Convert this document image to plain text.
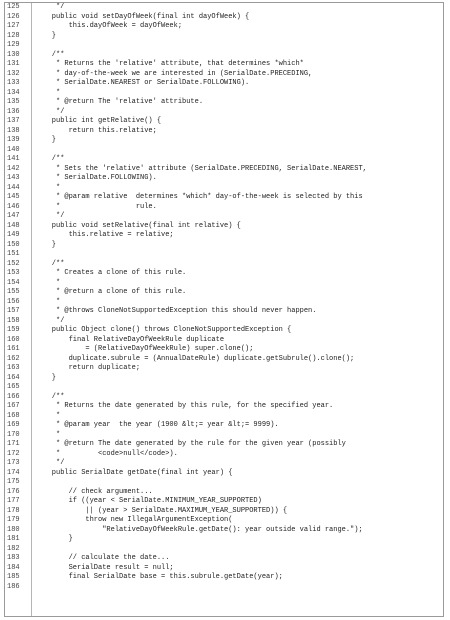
125 */
126 public void setDayOfWeek(final int dayOfWeek) {
127 this.dayOfWeek = dayOfWeek;
128 }
129
130 /**
131 * Returns the 'relative' attribute, that determines *which*
132 * day-of-the-week we are interested in (SerialDate.PRECEDING,
133 * SerialDate.NEAREST or SerialDate.FOLLOWING).
134 *
135 * @return The 'relative' attribute.
136 */
137 public int getRelative() {
138 return this.relative;
139 }
140
141 /**
142 * Sets the 'relative' attribute (SerialDate.PRECEDING, SerialDate.NEAREST,
143 * SerialDate.FOLLOWING).
144 *
145 * @param relative  determines *which* day-of-the-week is selected by this
146 *                  rule.
147 */
148 public void setRelative(final int relative) {
149 this.relative = relative;
150 }
151
152 /**
153 * Creates a clone of this rule.
154 *
155 * @return a clone of this rule.
156 *
157 * @throws CloneNotSupportedException this should never happen.
158 */
159 public Object clone() throws CloneNotSupportedException {
160 final RelativeDayOfWeekRule duplicate
161 = (RelativeDayOfWeekRule) super.clone();
162 duplicate.subrule = (AnnualDateRule) duplicate.getSubrule().clone();
163 return duplicate;
164 }
165
166 /**
167 * Returns the date generated by this rule, for the specified year.
168 *
169 * @param year  the year (1900 &lt;= year &lt;= 9999).
170 *
171 * @return The date generated by the rule for the given year (possibly
172 *         <code>null</code>).
173 */
174 public SerialDate getDate(final int year) {
175
176 // check argument...
177 if ((year < SerialDate.MINIMUM_YEAR_SUPPORTED)
178 || (year > SerialDate.MAXIMUM_YEAR_SUPPORTED)) {
179 throw new IllegalArgumentException(
180 "RelativeDayOfWeekRule.getDate(): year outside valid range.");
181 }
182
183 // calculate the date...
184 SerialDate result = null;
185 final SerialDate base = this.subrule.getDate(year);
186
